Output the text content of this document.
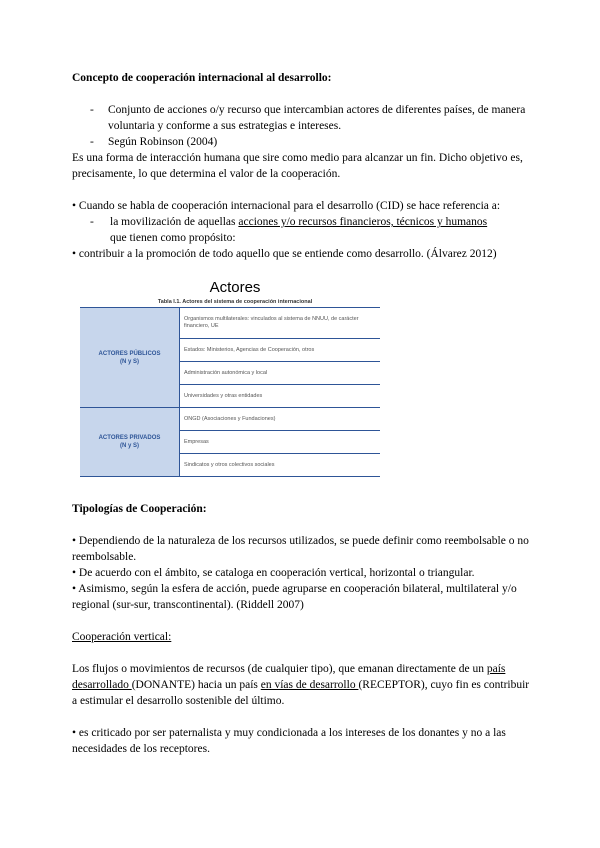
Concepto de cooperación internacional al desarrollo:

- Conjunto de acciones o/y recurso que intercambian actores de diferentes países, de manera voluntaria y conforme a sus estrategias e intereses.

- Según Robinson (2004)

Es una forma de interacción humana que sire como medio para alcanzar un fin. Dicho objetivo es, precisamente, lo que determina el valor de la cooperación.

• Cuando se habla de cooperación internacional para el desarrollo (CID) se hace referencia a:

- la movilización de aquellas acciones y/o recursos financieros, técnicos y humanos
que tienen como propósito:

• contribuir a la promoción de todo aquello que se entiende como desarrollo. (Álvarez 2012)

Actores
Tabla I.1. Actores del sistema de cooperación internacional
ACTORES PÚBLICOS
(N y S)	Organismos multilaterales: vinculados al sistema de NNUU, de carácter financiero, UE
	Estados: Ministerios, Agencias de Cooperación, otros
	Administración autonómica y local
	Universidades y otras entidades
ACTORES PRIVADOS
(N y S)	ONGD (Asociaciones y Fundaciones)
	Empresas
	Sindicatos y otros colectivos sociales

Tipologías de Cooperación:

• Dependiendo de la naturaleza de los recursos utilizados, se puede definir como reembolsable o no reembolsable.

• De acuerdo con el ámbito, se cataloga en cooperación vertical, horizontal o triangular.

• Asimismo, según la esfera de acción, puede agruparse en cooperación bilateral, multilateral y/o regional (sur-sur, transcontinental). (Riddell 2007)

Cooperación vertical:

Los flujos o movimientos de recursos (de cualquier tipo), que emanan directamente de un país desarrollado (DONANTE) hacia un país en vías de desarrollo (RECEPTOR), cuyo fin es contribuir a estimular el desarrollo sostenible del último.

• es criticado por ser paternalista y muy condicionada a los intereses de los donantes y no a las necesidades de los receptores.
